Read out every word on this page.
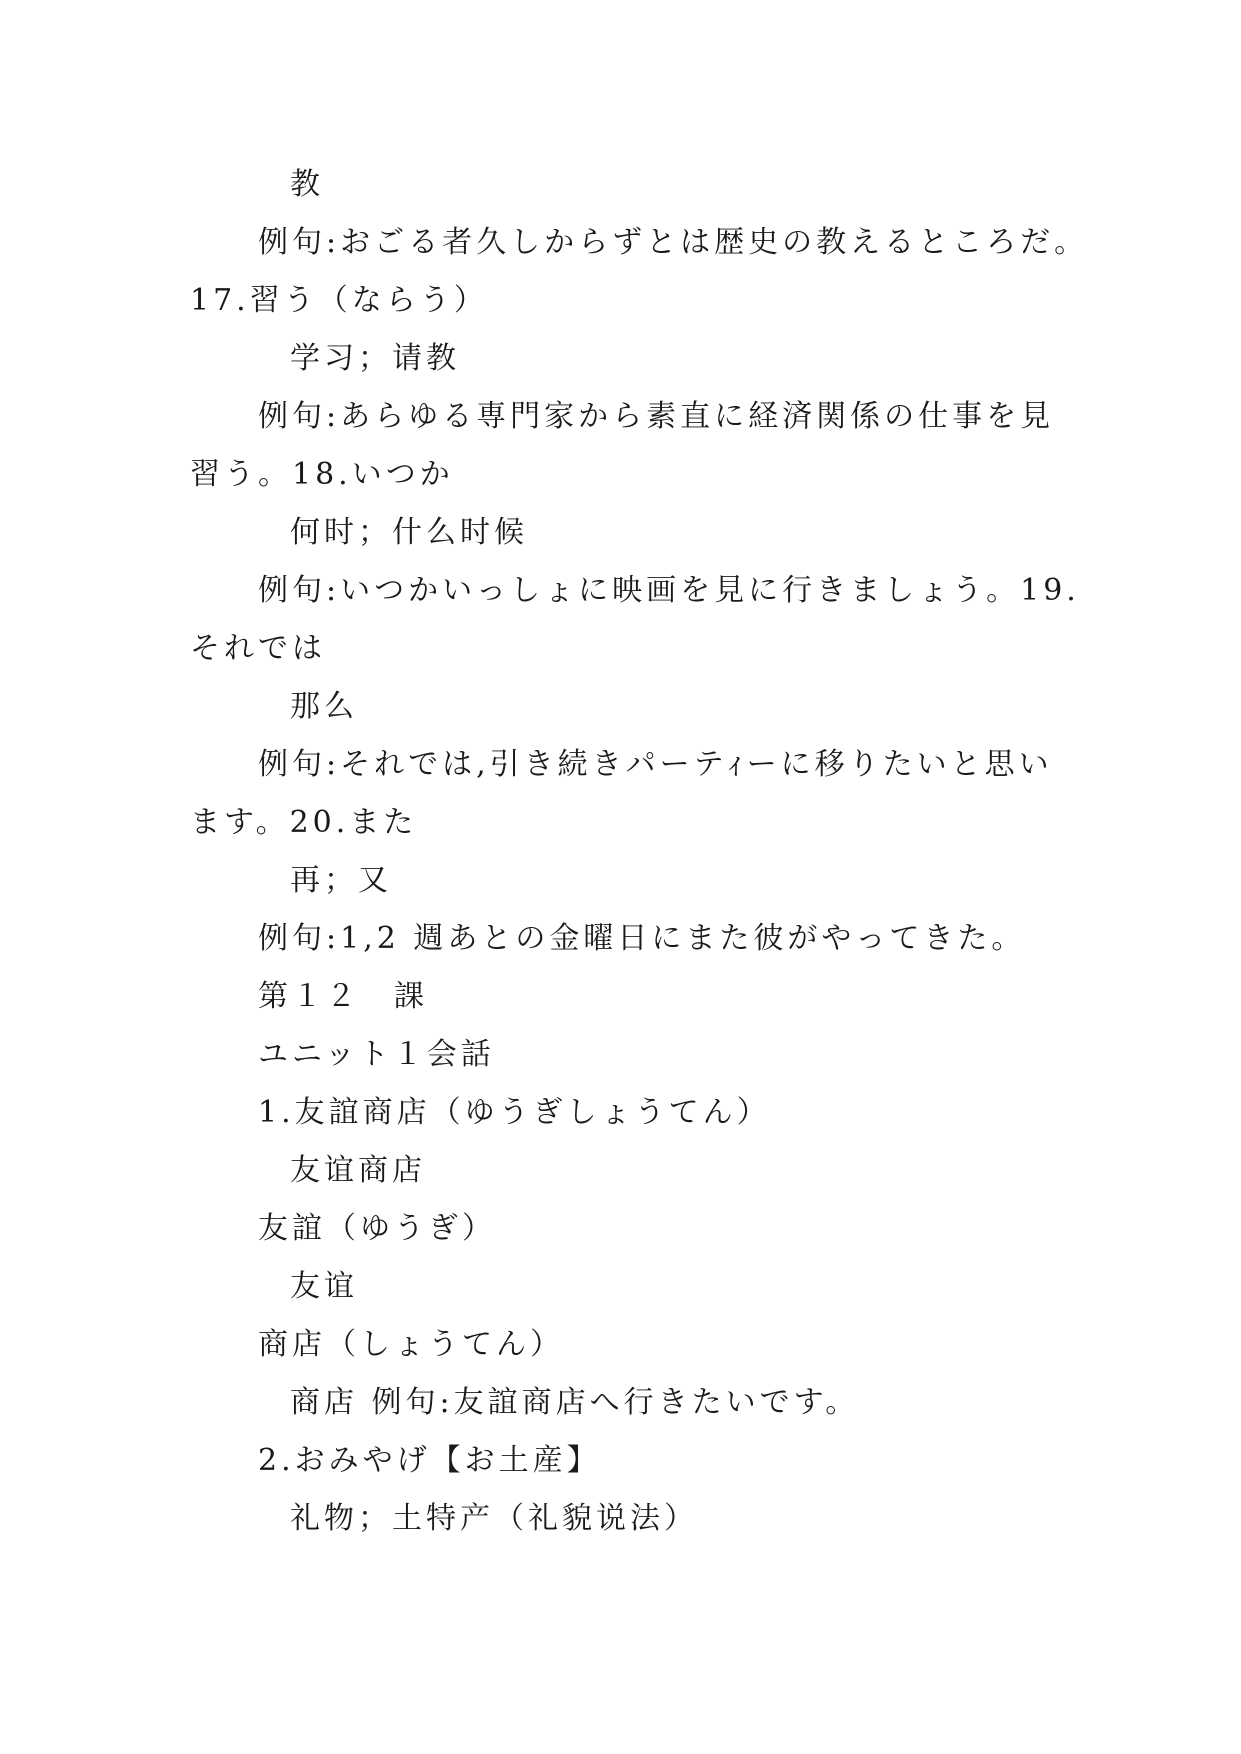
教
例句:おごる者久しからずとは歴史の教えるところだ。
17.習う（ならう）
学习；请教
例句:あらゆる専門家から素直に経済関係の仕事を見
習う。18.いつか
何时；什么时候
例句:いつかいっしょに映画を見に行きましょう。19.
それでは
那么
例句:それでは,引き続きパーテｨーに移りたいと思い
ます。20.また
再；又
例句:1,2 週あとの金曜日にまた彼がやってきた。
第１２　課
ユニット１会話
1.友誼商店（ゆうぎしょうてん）
友谊商店
友誼（ゆうぎ）
友谊
商店（しょうてん）
商店 例句:友誼商店へ行きたいです。
2.おみやげ【お土産】
礼物；土特产（礼貌说法）
